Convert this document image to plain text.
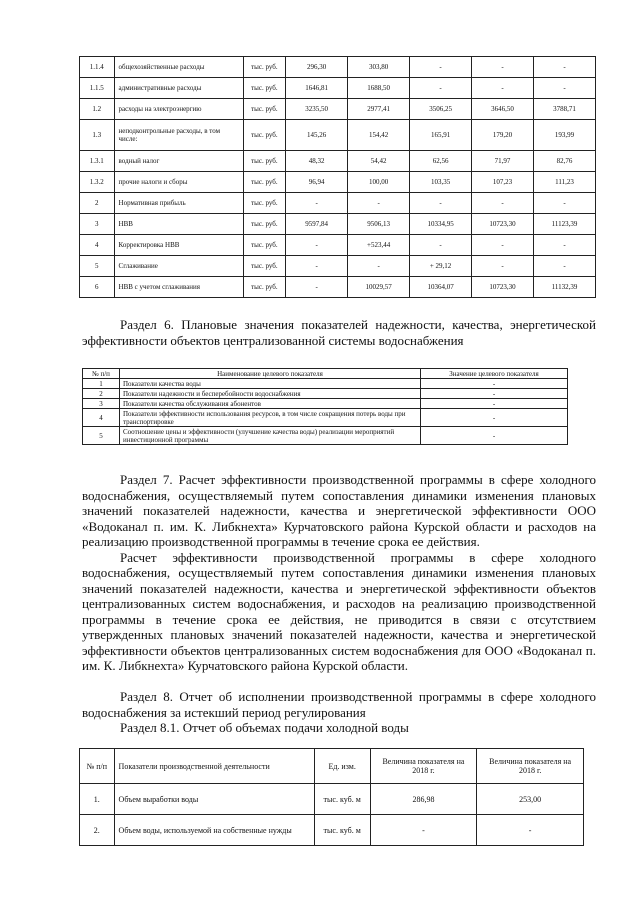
1.1.4	общехозяйственные расходы	тыс. руб.	296,30	303,80	-	-	-
1.1.5	административные расходы	тыс. руб.	1646,81	1688,50	-	-	-
1.2	расходы на электроэнергию	тыс. руб.	3235,50	2977,41	3506,25	3646,50	3788,71
1.3	неподконтрольные расходы, в том числе:	тыс. руб.	145,26	154,42	165,91	179,20	193,99
1.3.1	водный налог	тыс. руб.	48,32	54,42	62,56	71,97	82,76
1.3.2	прочие налоги и сборы	тыс. руб.	96,94	100,00	103,35	107,23	111,23
2	Нормативная прибыль	тыс. руб.	-	-	-	-	-
3	НВВ	тыс. руб.	9597,84	9506,13	10334,95	10723,30	11123,39
4	Корректировка НВВ	тыс. руб.	-	+523,44	-	-	-
5	Сглаживание	тыс. руб.	-	-	+ 29,12	-	-
6	НВВ с учетом сглаживания	тыс. руб.	-	10029,57	10364,07	10723,30	11132,39

Раздел 6. Плановые значения показателей надежности, качества, энергетической эффективности объектов централизованной системы водоснабжения

№ п/п	Наименование целевого показателя	Значение целевого показателя
1	Показатели качества воды	-
2	Показатели надежности и бесперебойности водоснабжения	-
3	Показатели качества обслуживания абонентов	-
4	Показатели эффективности использования ресурсов, в том числе сокращения потерь воды при транспортировке	-
5	Соотношение цены и эффективности (улучшение качества воды) реализации мероприятий инвестиционной программы	-

Раздел 7. Расчет эффективности производственной программы в сфере холодного водоснабжения, осуществляемый путем сопоставления динамики изменения плановых значений показателей надежности, качества и энергетической эффективности ООО «Водоканал п. им. К. Либкнехта» Курчатовского района Курской области и расходов на реализацию производственной программы в течение срока ее действия.

Расчет эффективности производственной программы в сфере холодного водоснабжения, осуществляемый путем сопоставления динамики изменения плановых значений показателей надежности, качества и энергетической эффективности объектов централизованных систем водоснабжения, и расходов на реализацию производственной программы в течение срока ее действия, не приводится в связи с отсутствием утвержденных плановых значений показателей надежности, качества и энергетической эффективности объектов централизованных систем водоснабжения для ООО «Водоканал п. им. К. Либкнехта» Курчатовского района Курской области.

Раздел 8. Отчет об исполнении производственной программы в сфере холодного водоснабжения за истекший период регулирования

Раздел 8.1. Отчет об объемах подачи холодной воды

№ п/п	Показатели производственной деятельности	Ед. изм.	Величина показателя на 2018 г.	Величина показателя на 2018 г.
1.	Объем выработки воды	тыс. куб. м	286,98	253,00
2.	Объем воды, используемой на собственные нужды	тыс. куб. м	-	-
